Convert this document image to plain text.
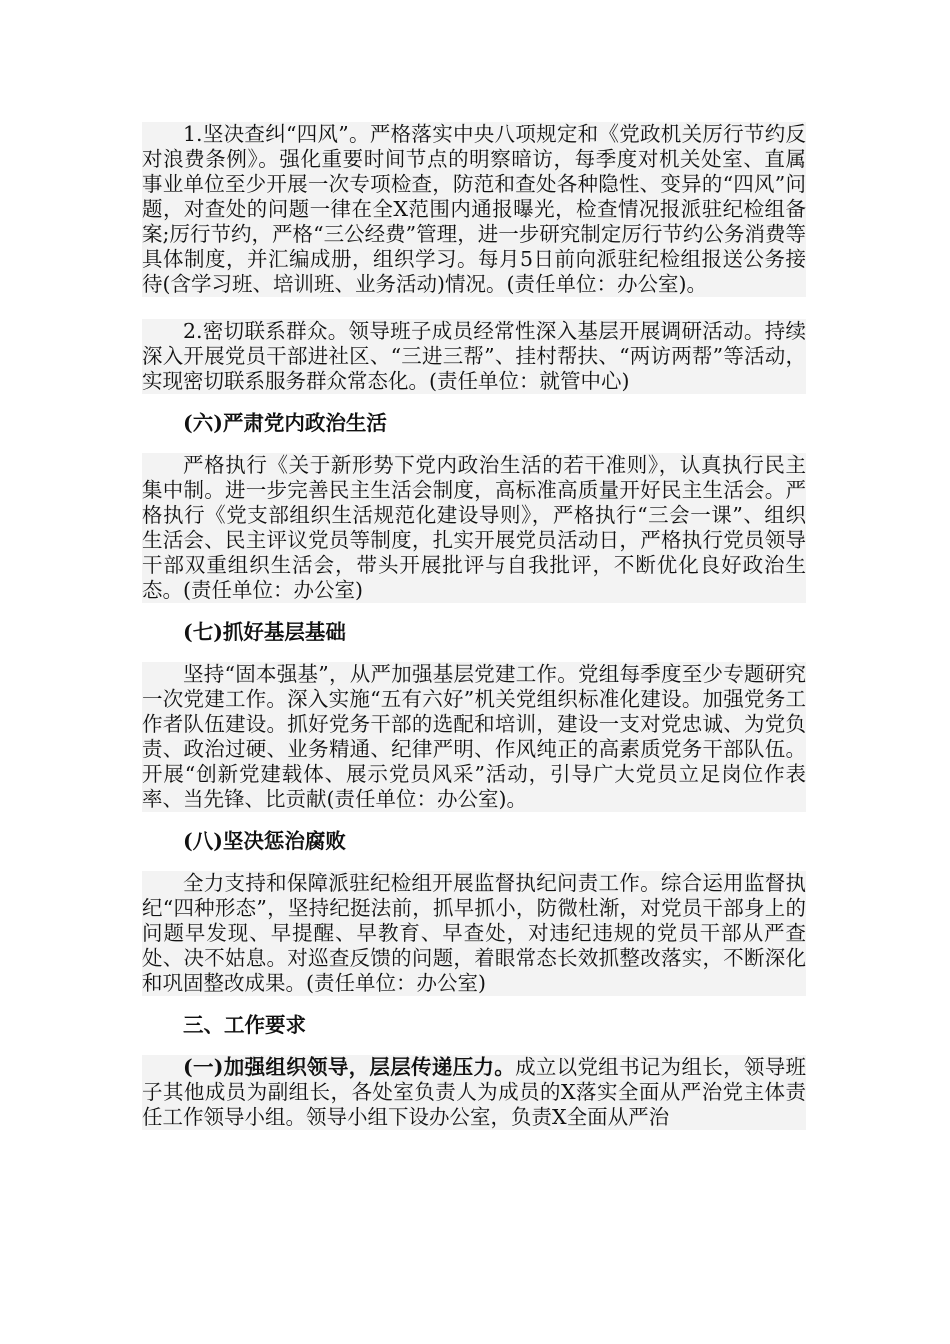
1.坚决查纠“四风”。严格落实中央八项规定和《党政机关厉行节约反对浪费条例》。强化重要时间节点的明察暗访，每季度对机关处室、直属事业单位至少开展一次专项检查，防范和查处各种隐性、变异的“四风”问题，对查处的问题一律在全X范围内通报曝光，检查情况报派驻纪检组备案;厉行节约，严格“三公经费”管理，进一步研究制定厉行节约公务消费等具体制度，并汇编成册，组织学习。每月5日前向派驻纪检组报送公务接待(含学习班、培训班、业务活动)情况。(责任单位：办公室)。

2.密切联系群众。领导班子成员经常性深入基层开展调研活动。持续深入开展党员干部进社区、“三进三帮”、挂村帮扶、“两访两帮”等活动，实现密切联系服务群众常态化。(责任单位：就管中心)

(六)严肃党内政治生活

严格执行《关于新形势下党内政治生活的若干准则》，认真执行民主集中制。进一步完善民主生活会制度，高标准高质量开好民主生活会。严格执行《党支部组织生活规范化建设导则》，严格执行“三会一课”、组织生活会、民主评议党员等制度，扎实开展党员活动日，严格执行党员领导干部双重组织生活会，带头开展批评与自我批评，不断优化良好政治生态。(责任单位：办公室)

(七)抓好基层基础

坚持“固本强基”，从严加强基层党建工作。党组每季度至少专题研究一次党建工作。深入实施“五有六好”机关党组织标准化建设。加强党务工作者队伍建设。抓好党务干部的选配和培训，建设一支对党忠诚、为党负责、政治过硬、业务精通、纪律严明、作风纯正的高素质党务干部队伍。开展“创新党建载体、展示党员风采”活动，引导广大党员立足岗位作表率、当先锋、比贡献(责任单位：办公室)。

(八)坚决惩治腐败

全力支持和保障派驻纪检组开展监督执纪问责工作。综合运用监督执纪“四种形态”，坚持纪挺法前，抓早抓小，防微杜渐，对党员干部身上的问题早发现、早提醒、早教育、早查处，对违纪违规的党员干部从严查处、决不姑息。对巡查反馈的问题，着眼常态长效抓整改落实，不断深化和巩固整改成果。(责任单位：办公室)

三、工作要求

(一)加强组织领导，层层传递压力。成立以党组书记为组长，领导班子其他成员为副组长，各处室负责人为成员的X落实全面从严治党主体责任工作领导小组。领导小组下设办公室，负责X全面从严治
